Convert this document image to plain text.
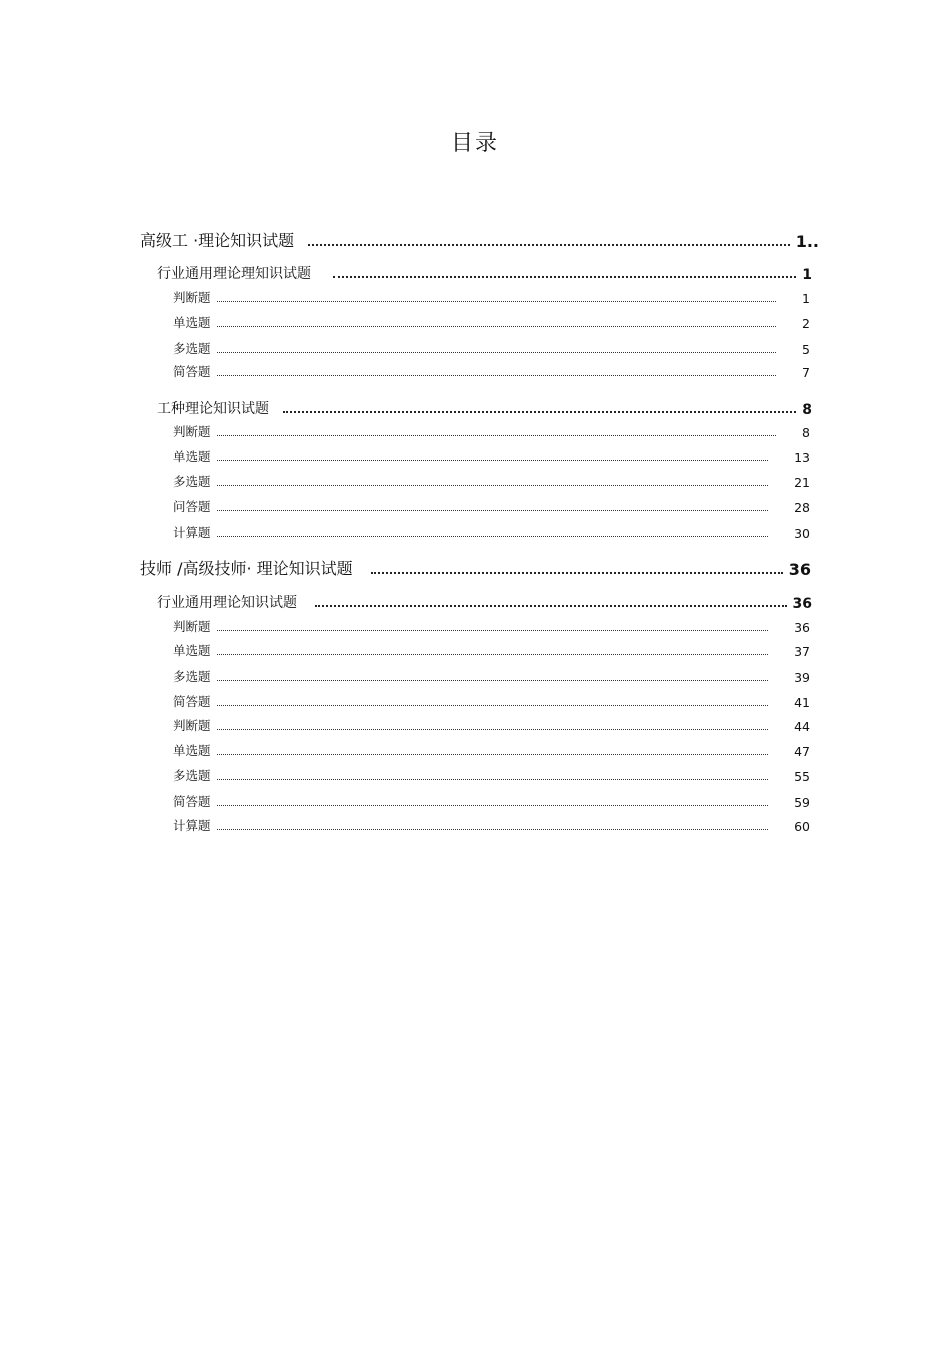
目录
高级工 ·理论知识试题	1..
行业通用理论理知识试题	1
判断题	1
单选题	2
多选题	5
简答题	7
工种理论知识试题	8
判断题	8
单选题	13
多选题	21
问答题	28
计算题	30
技师 /高级技师· 理论知识试题	36
行业通用理论知识试题	36
判断题	36
单选题	37
多选题	39
简答题	41
判断题	44
单选题	47
多选题	55
简答题	59
计算题	60
